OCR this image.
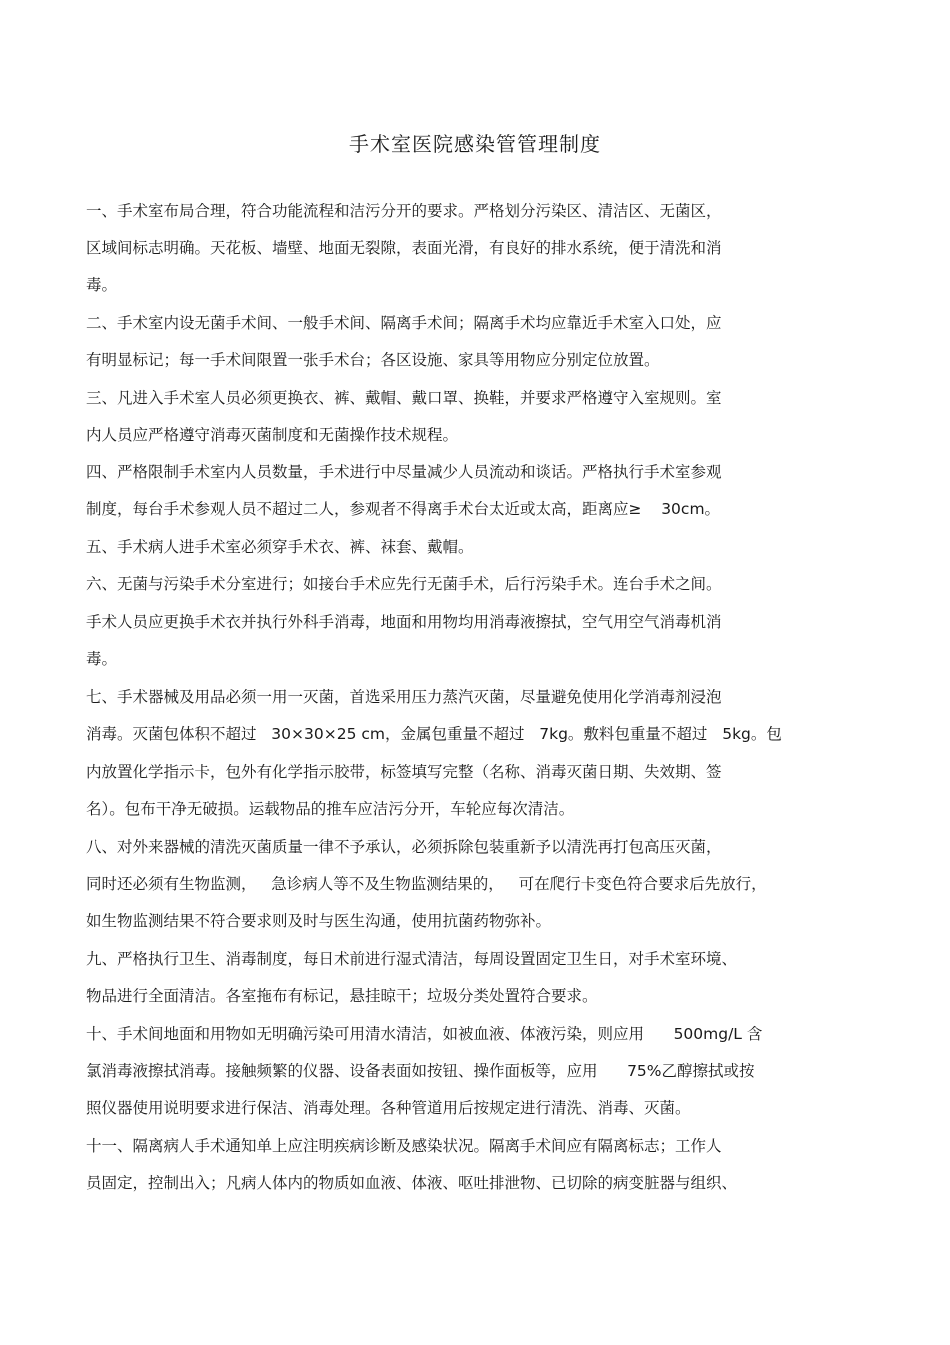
手术室医院感染管管理制度
一、手术室布局合理，符合功能流程和洁污分开的要求。严格划分污染区、清洁区、无菌区，
区域间标志明确。天花板、墙壁、地面无裂隙，表面光滑，有良好的排水系统，便于清洗和消
毒。
二、手术室内设无菌手术间、一般手术间、隔离手术间；隔离手术均应靠近手术室入口处，应
有明显标记；每一手术间限置一张手术台；各区设施、家具等用物应分别定位放置。
三、凡进入手术室人员必须更换衣、裤、戴帽、戴口罩、换鞋，并要求严格遵守入室规则。室
内人员应严格遵守消毒灭菌制度和无菌操作技术规程。
四、严格限制手术室内人员数量，手术进行中尽量减少人员流动和谈话。严格执行手术室参观
制度，每台手术参观人员不超过二人，参观者不得离手术台太近或太高，距离应≥    30cm。
五、手术病人进手术室必须穿手术衣、裤、袜套、戴帽。
六、无菌与污染手术分室进行；如接台手术应先行无菌手术，后行污染手术。连台手术之间。
手术人员应更换手术衣并执行外科手消毒，地面和用物均用消毒液擦拭，空气用空气消毒机消
毒。
七、手术器械及用品必须一用一灭菌，首选采用压力蒸汽灭菌，尽量避免使用化学消毒剂浸泡
消毒。灭菌包体积不超过   30×30×25 cm，金属包重量不超过   7kg。敷料包重量不超过   5kg。包
内放置化学指示卡，包外有化学指示胶带，标签填写完整（名称、消毒灭菌日期、失效期、签
名）。包布干净无破损。运载物品的推车应洁污分开，车轮应每次清洁。
八、对外来器械的清洗灭菌质量一律不予承认，必须拆除包装重新予以清洗再打包高压灭菌，
同时还必须有生物监测，   急诊病人等不及生物监测结果的，   可在爬行卡变色符合要求后先放行，
如生物监测结果不符合要求则及时与医生沟通，使用抗菌药物弥补。
九、严格执行卫生、消毒制度，每日术前进行湿式清洁，每周设置固定卫生日，对手术室环境、
物品进行全面清洁。各室拖布有标记，悬挂晾干；垃圾分类处置符合要求。
十、手术间地面和用物如无明确污染可用清水清洁，如被血液、体液污染，则应用      500mg/L 含
氯消毒液擦拭消毒。接触频繁的仪器、设备表面如按钮、操作面板等，应用      75%乙醇擦拭或按
照仪器使用说明要求进行保洁、消毒处理。各种管道用后按规定进行清洗、消毒、灭菌。
十一、隔离病人手术通知单上应注明疾病诊断及感染状况。隔离手术间应有隔离标志；工作人
员固定，控制出入；凡病人体内的物质如血液、体液、呕吐排泄物、已切除的病变脏器与组织、
